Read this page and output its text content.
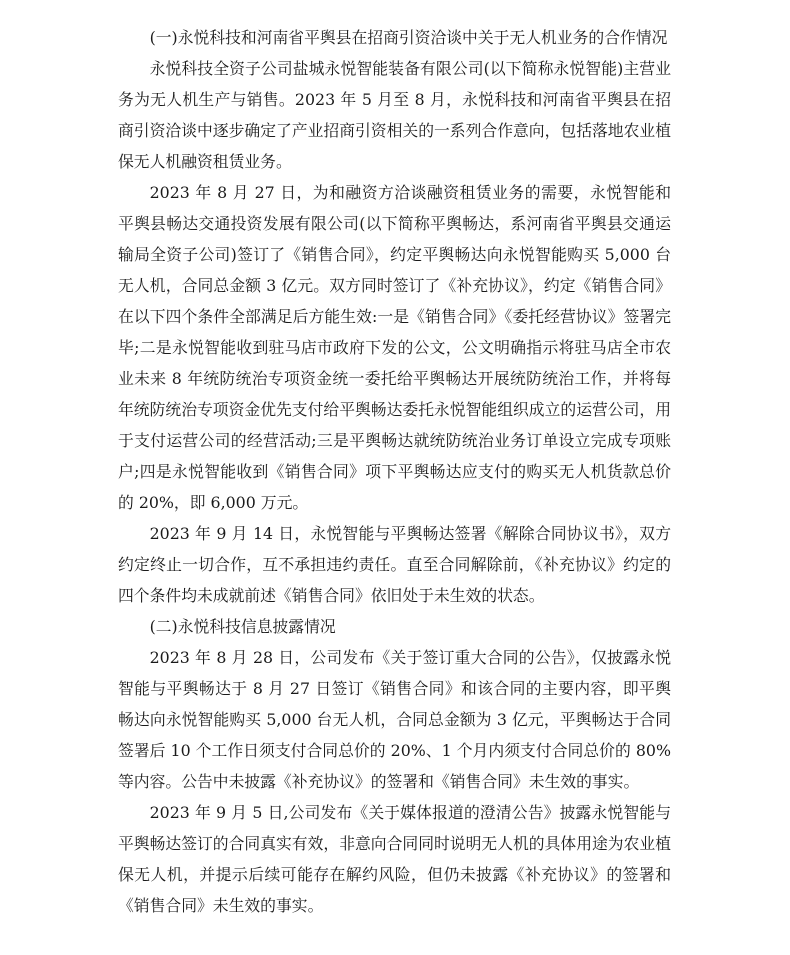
(一)永悦科技和河南省平舆县在招商引资洽谈中关于无人机业务的合作情况

永悦科技全资子公司盐城永悦智能装备有限公司(以下简称永悦智能)主营业务为无人机生产与销售。2023 年 5 月至 8 月，永悦科技和河南省平舆县在招商引资洽谈中逐步确定了产业招商引资相关的一系列合作意向，包括落地农业植保无人机融资租赁业务。

2023 年 8 月 27 日，为和融资方洽谈融资租赁业务的需要，永悦智能和平舆县畅达交通投资发展有限公司(以下简称平舆畅达，系河南省平舆县交通运输局全资子公司)签订了《销售合同》，约定平舆畅达向永悦智能购买 5,000 台无人机，合同总金额 3 亿元。双方同时签订了《补充协议》，约定《销售合同》在以下四个条件全部满足后方能生效:一是《销售合同》《委托经营协议》签署完毕;二是永悦智能收到驻马店市政府下发的公文，公文明确指示将驻马店全市农业未来 8 年统防统治专项资金统一委托给平舆畅达开展统防统治工作，并将每年统防统治专项资金优先支付给平舆畅达委托永悦智能组织成立的运营公司，用于支付运营公司的经营活动;三是平舆畅达就统防统治业务订单设立完成专项账户;四是永悦智能收到《销售合同》项下平舆畅达应支付的购买无人机货款总价的 20%，即 6,000 万元。

2023 年 9 月 14 日，永悦智能与平舆畅达签署《解除合同协议书》，双方约定终止一切合作，互不承担违约责任。直至合同解除前，《补充协议》约定的四个条件均未成就前述《销售合同》依旧处于未生效的状态。

(二)永悦科技信息披露情况

2023 年 8 月 28 日，公司发布《关于签订重大合同的公告》，仅披露永悦智能与平舆畅达于 8 月 27 日签订《销售合同》和该合同的主要内容，即平舆畅达向永悦智能购买 5,000 台无人机，合同总金额为 3 亿元，平舆畅达于合同签署后 10 个工作日须支付合同总价的 20%、1 个月内须支付合同总价的 80%等内容。公告中未披露《补充协议》的签署和《销售合同》未生效的事实。

2023 年 9 月 5 日,公司发布《关于媒体报道的澄清公告》披露永悦智能与平舆畅达签订的合同真实有效，非意向合同同时说明无人机的具体用途为农业植保无人机，并提示后续可能存在解约风险，但仍未披露《补充协议》的签署和《销售合同》未生效的事实。
